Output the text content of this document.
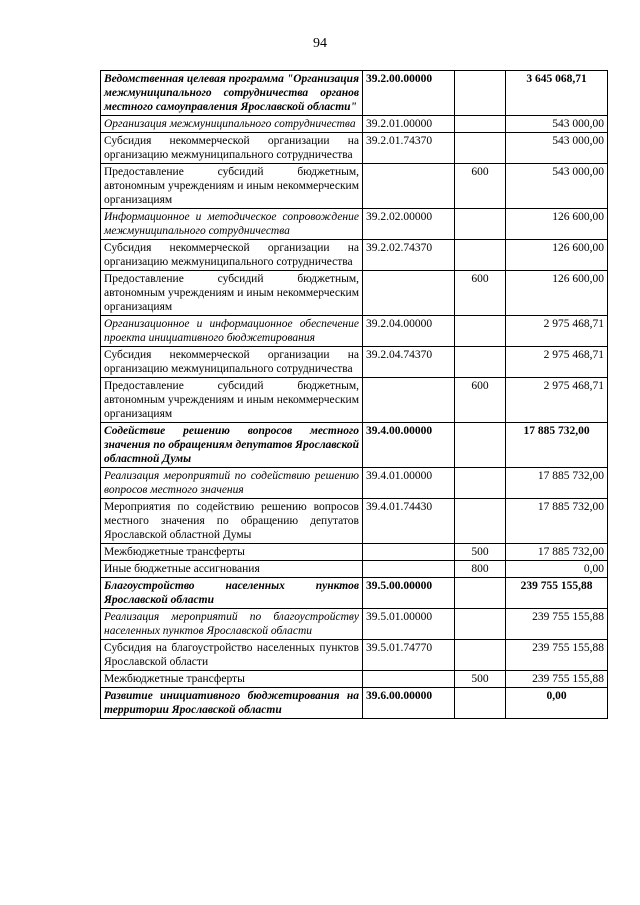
94
Ведомственная целевая программа "Организация межмуниципального сотрудничества органов местного самоуправления Ярославской области"	39.2.00.00000		3 645 068,71
Организация межмуниципального сотрудничества	39.2.01.00000		543 000,00
Субсидия некоммерческой организации на организацию межмуниципального сотрудничества	39.2.01.74370		543 000,00
Предоставление субсидий бюджетным, автономным учреждениям и иным некоммерческим организациям		600	543 000,00
Информационное и методическое сопровождение межмуниципального сотрудничества	39.2.02.00000		126 600,00
Субсидия некоммерческой организации на организацию межмуниципального сотрудничества	39.2.02.74370		126 600,00
Предоставление субсидий бюджетным, автономным учреждениям и иным некоммерческим организациям		600	126 600,00
Организационное и информационное обеспечение проекта инициативного бюджетирования	39.2.04.00000		2 975 468,71
Субсидия некоммерческой организации на организацию межмуниципального сотрудничества	39.2.04.74370		2 975 468,71
Предоставление субсидий бюджетным, автономным учреждениям и иным некоммерческим организациям		600	2 975 468,71
Содействие решению вопросов местного значения по обращениям депутатов Ярославской областной Думы	39.4.00.00000		17 885 732,00
Реализация мероприятий по содействию решению вопросов местного значения	39.4.01.00000		17 885 732,00
Мероприятия по содействию решению вопросов местного значения по обращению депутатов Ярославской областной Думы	39.4.01.74430		17 885 732,00
Межбюджетные трансферты		500	17 885 732,00
Иные бюджетные ассигнования		800	0,00
Благоустройство населенных пунктов Ярославской области	39.5.00.00000		239 755 155,88
Реализация мероприятий по благоустройству населенных пунктов Ярославской области	39.5.01.00000		239 755 155,88
Субсидия на благоустройство населенных пунктов Ярославской области	39.5.01.74770		239 755 155,88
Межбюджетные трансферты		500	239 755 155,88
Развитие инициативного бюджетирования на территории Ярославской области	39.6.00.00000		0,00
